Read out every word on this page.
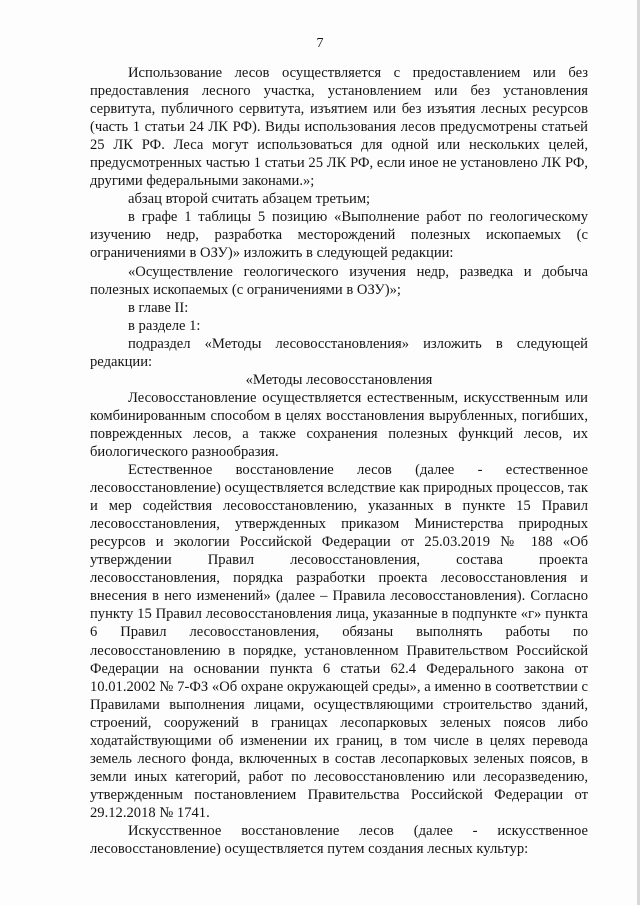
7

Использование лесов осуществляется с предоставлением или без предоставления лесного участка, установлением или без установления сервитута, публичного сервитута, изъятием или без изъятия лесных ресурсов (часть 1 статьи 24 ЛК РФ). Виды использования лесов предусмотрены статьей 25 ЛК РФ. Леса могут использоваться для одной или нескольких целей, предусмотренных частью 1 статьи 25 ЛК РФ, если иное не установлено ЛК РФ, другими федеральными законами.»;

абзац второй считать абзацем третьим;

в графе 1 таблицы 5 позицию «Выполнение работ по геологическому изучению недр, разработка месторождений полезных ископаемых (с ограничениями в ОЗУ)» изложить в следующей редакции:

«Осуществление геологического изучения недр, разведка и добыча полезных ископаемых (с ограничениями в ОЗУ)»;

в главе II:

в разделе 1:

подраздел «Методы лесовосстановления» изложить в следующей редакции:

«Методы лесовосстановления

Лесовосстановление осуществляется естественным, искусственным или комбинированным способом в целях восстановления вырубленных, погибших, поврежденных лесов, а также сохранения полезных функций лесов, их биологического разнообразия.

Естественное восстановление лесов (далее - естественное лесовосстановление) осуществляется вследствие как природных процессов, так и мер содействия лесовосстановлению, указанных в пункте 15 Правил лесовосстановления, утвержденных приказом Министерства природных ресурсов и экологии Российской Федерации от 25.03.2019 № 188 «Об утверждении Правил лесовосстановления, состава проекта лесовосстановления, порядка разработки проекта лесовосстановления и внесения в него изменений» (далее – Правила лесовосстановления). Согласно пункту 15 Правил лесовосстановления лица, указанные в подпункте «г» пункта 6 Правил лесовосстановления, обязаны выполнять работы по лесовосстановлению в порядке, установленном Правительством Российской Федерации на основании пункта 6 статьи 62.4 Федерального закона от 10.01.2002 № 7-ФЗ «Об охране окружающей среды», а именно в соответствии с Правилами выполнения лицами, осуществляющими строительство зданий, строений, сооружений в границах лесопарковых зеленых поясов либо ходатайствующими об изменении их границ, в том числе в целях перевода земель лесного фонда, включенных в состав лесопарковых зеленых поясов, в земли иных категорий, работ по лесовосстановлению или лесоразведению, утвержденным постановлением Правительства Российской Федерации от 29.12.2018 № 1741.

Искусственное восстановление лесов (далее - искусственное лесовосстановление) осуществляется путем создания лесных культур:
